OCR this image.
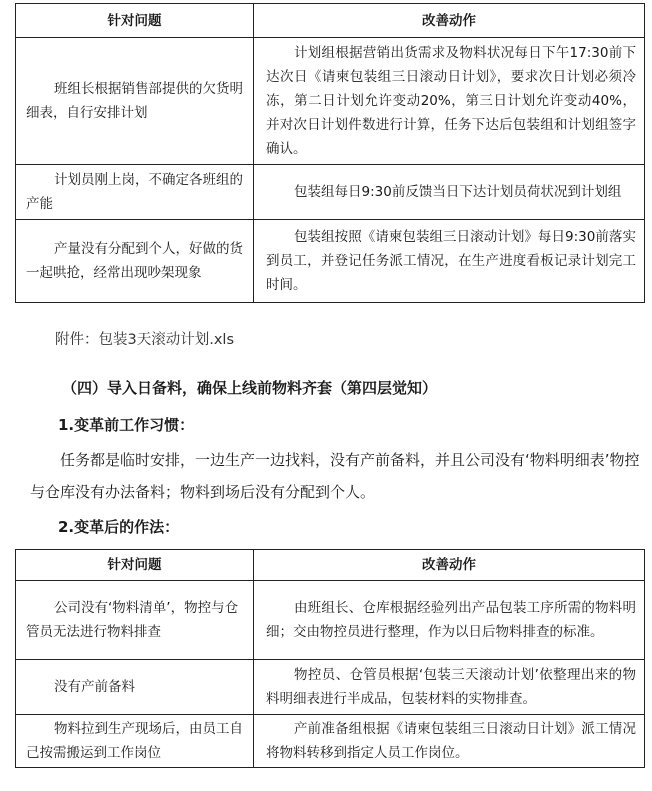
针对问题	改善动作
班组长根据销售部提供的欠货明细表，自行安排计划	计划组根据营销出货需求及物料状况每日下午17:30前下达次日《请柬包装组三日滚动日计划》，要求次日计划必须冷冻，第二日计划允许变动20%，第三日计划允许变动40%，并对次日计划件数进行计算，任务下达后包装组和计划组签字确认。
计划员刚上岗，不确定各班组的产能	包装组每日9:30前反馈当日下达计划员荷状况到计划组
产量没有分配到个人，好做的货一起哄抢，经常出现吵架现象	包装组按照《请柬包装组三日滚动计划》每日9:30前落实到员工，并登记任务派工情况，在生产进度看板记录计划完工时间。
附件：包装3天滚动计划.xls
（四）导入日备料，确保上线前物料齐套（第四层觉知）
1.变革前工作习惯：
任务都是临时安排，一边生产一边找料，没有产前备料，并且公司没有‘物料明细表’物控与仓库没有办法备料；物料到场后没有分配到个人。
2.变革后的作法：
针对问题	改善动作
公司没有‘物料清单’，物控与仓管员无法进行物料排查	由班组长、仓库根据经验列出产品包装工序所需的物料明细；交由物控员进行整理，作为以日后物料排查的标准。
没有产前备料	物控员、仓管员根据‘包装三天滚动计划’依整理出来的物料明细表进行半成品，包装材料的实物排查。
物料拉到生产现场后，由员工自己按需搬运到工作岗位	产前准备组根据《请柬包装组三日滚动日计划》派工情况将物料转移到指定人员工作岗位。
